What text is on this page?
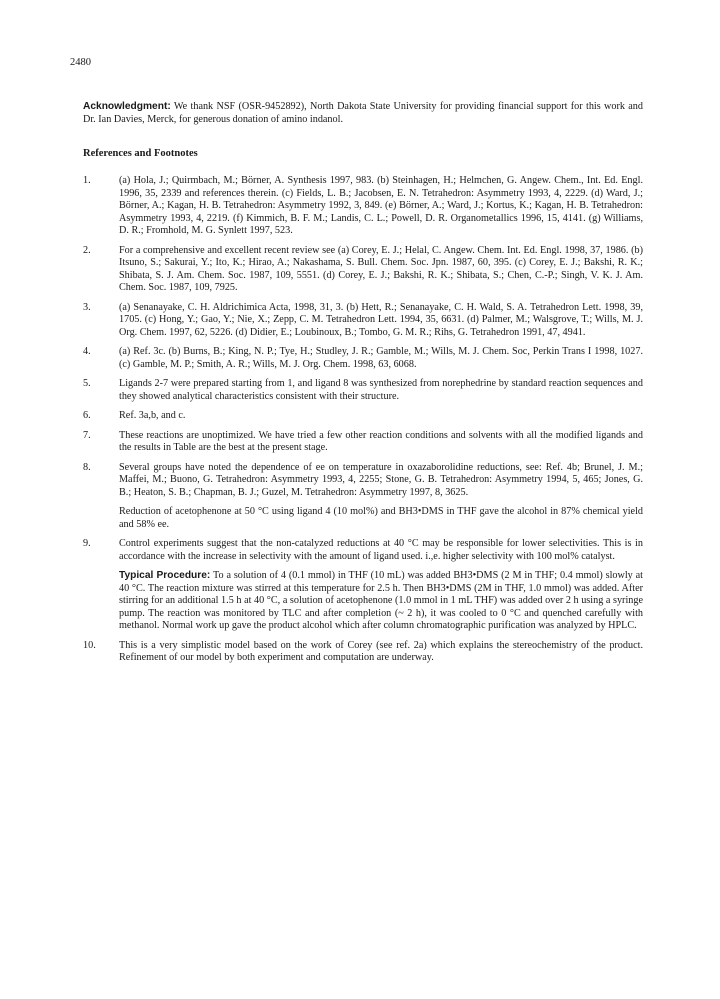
2480
Acknowledgment: We thank NSF (OSR-9452892), North Dakota State University for providing financial support for this work and Dr. Ian Davies, Merck, for generous donation of amino indanol.
References and Footnotes
1.	(a) Hola, J.; Quirmbach, M.; Börner, A. Synthesis 1997, 983. (b) Steinhagen, H.; Helmchen, G. Angew. Chem., Int. Ed. Engl. 1996, 35, 2339 and references therein. (c) Fields, L. B.; Jacobsen, E. N. Tetrahedron: Asymmetry 1993, 4, 2229. (d) Ward, J.; Börner, A.; Kagan, H. B. Tetrahedron: Asymmetry 1992, 3, 849. (e) Börner, A.; Ward, J.; Kortus, K.; Kagan, H. B. Tetrahedron: Asymmetry 1993, 4, 2219. (f) Kimmich, B. F. M.; Landis, C. L.; Powell, D. R. Organometallics 1996, 15, 4141. (g) Williams, D. R.; Fromhold, M. G. Synlett 1997, 523.

2.	For a comprehensive and excellent recent review see (a) Corey, E. J.; Helal, C. Angew. Chem. Int. Ed. Engl. 1998, 37, 1986. (b) Itsuno, S.; Sakurai, Y.; Ito, K.; Hirao, A.; Nakashama, S. Bull. Chem. Soc. Jpn. 1987, 60, 395. (c) Corey, E. J.; Bakshi, R. K.; Shibata, S. J. Am. Chem. Soc. 1987, 109, 5551. (d) Corey, E. J.; Bakshi, R. K.; Shibata, S.; Chen, C.-P.; Singh, V. K. J. Am. Chem. Soc. 1987, 109, 7925.

3.	(a) Senanayake, C. H. Aldrichimica Acta, 1998, 31, 3. (b) Hett, R.; Senanayake, C. H. Wald, S. A. Tetrahedron Lett. 1998, 39, 1705. (c) Hong, Y.; Gao, Y.; Nie, X.; Zepp, C. M. Tetrahedron Lett. 1994, 35, 6631. (d) Palmer, M.; Walsgrove, T.; Wills, M. J. Org. Chem. 1997, 62, 5226. (d) Didier, E.; Loubinoux, B.; Tombo, G. M. R.; Rihs, G. Tetrahedron 1991, 47, 4941.

4.	(a) Ref. 3c. (b) Burns, B.; King, N. P.; Tye, H.; Studley, J. R.; Gamble, M.; Wills, M. J. Chem. Soc, Perkin Trans I 1998, 1027. (c) Gamble, M. P.; Smith, A. R.; Wills, M. J. Org. Chem. 1998, 63, 6068.

5.	Ligands 2-7 were prepared starting from 1, and ligand 8 was synthesized from norephedrine by standard reaction sequences and they showed analytical characteristics consistent with their structure.

6.	Ref. 3a,b, and c.

7.	These reactions are unoptimized. We have tried a few other reaction conditions and solvents with all the modified ligands and the results in Table are the best at the present stage.

8.	Several groups have noted the dependence of ee on temperature in oxazaborolidine reductions, see: Ref. 4b; Brunel, J. M.; Maffei, M.; Buono, G. Tetrahedron: Asymmetry 1993, 4, 2255; Stone, G. B. Tetrahedron: Asymmetry 1994, 5, 465; Jones, G. B.; Heaton, S. B.; Chapman, B. J.; Guzel, M. Tetrahedron: Asymmetry 1997, 8, 3625.

Reduction of acetophenone at 50 °C using ligand 4 (10 mol%) and BH3•DMS in THF gave the alcohol in 87% chemical yield and 58% ee.

9.	Control experiments suggest that the non-catalyzed reductions at 40 °C may be responsible for lower selectivities. This is in accordance with the increase in selectivity with the amount of ligand used. i.,e. higher selectivity with 100 mol% catalyst.

Typical Procedure: To a solution of 4 (0.1 mmol) in THF (10 mL) was added BH3•DMS (2 M in THF; 0.4 mmol) slowly at 40 °C. The reaction mixture was stirred at this temperature for 2.5 h. Then BH3•DMS (2M in THF, 1.0 mmol) was added. After stirring for an additional 1.5 h at 40 °C, a solution of acetophenone (1.0 mmol in 1 mL THF) was added over 2 h using a syringe pump. The reaction was monitored by TLC and after completion (~ 2 h), it was cooled to 0 °C and quenched carefully with methanol. Normal work up gave the product alcohol which after column chromatographic purification was analyzed by HPLC.

10. This is a very simplistic model based on the work of Corey (see ref. 2a) which explains the stereochemistry of the product. Refinement of our model by both experiment and computation are underway.
